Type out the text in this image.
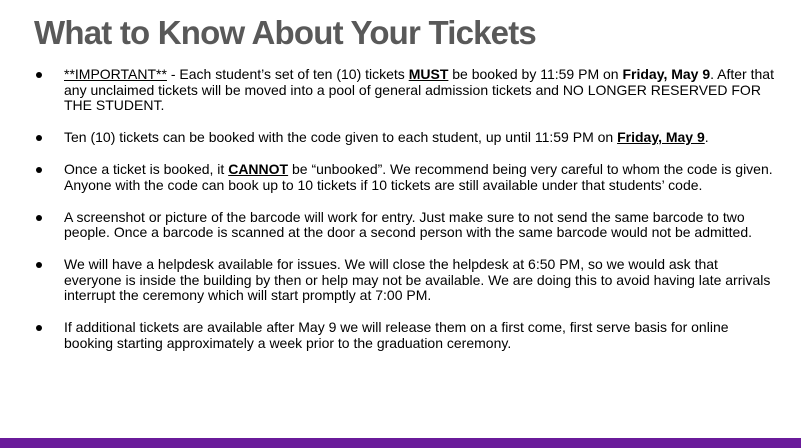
What to Know About Your Tickets
**IMPORTANT** - Each student’s set of ten (10) tickets MUST be booked by 11:59 PM on Friday, May 9. After that any unclaimed tickets will be moved into a pool of general admission tickets and NO LONGER RESERVED FOR THE STUDENT.
Ten (10) tickets can be booked with the code given to each student, up until 11:59 PM on Friday, May 9.
Once a ticket is booked, it CANNOT be “unbooked”. We recommend being very careful to whom the code is given. Anyone with the code can book up to 10 tickets if 10 tickets are still available under that students’ code.
A screenshot or picture of the barcode will work for entry. Just make sure to not send the same barcode to two people. Once a barcode is scanned at the door a second person with the same barcode would not be admitted.
We will have a helpdesk available for issues. We will close the helpdesk at 6:50 PM, so we would ask that everyone is inside the building by then or help may not be available. We are doing this to avoid having late arrivals interrupt the ceremony which will start promptly at 7:00 PM.
If additional tickets are available after May 9 we will release them on a first come, first serve basis for online booking starting approximately a week prior to the graduation ceremony.
